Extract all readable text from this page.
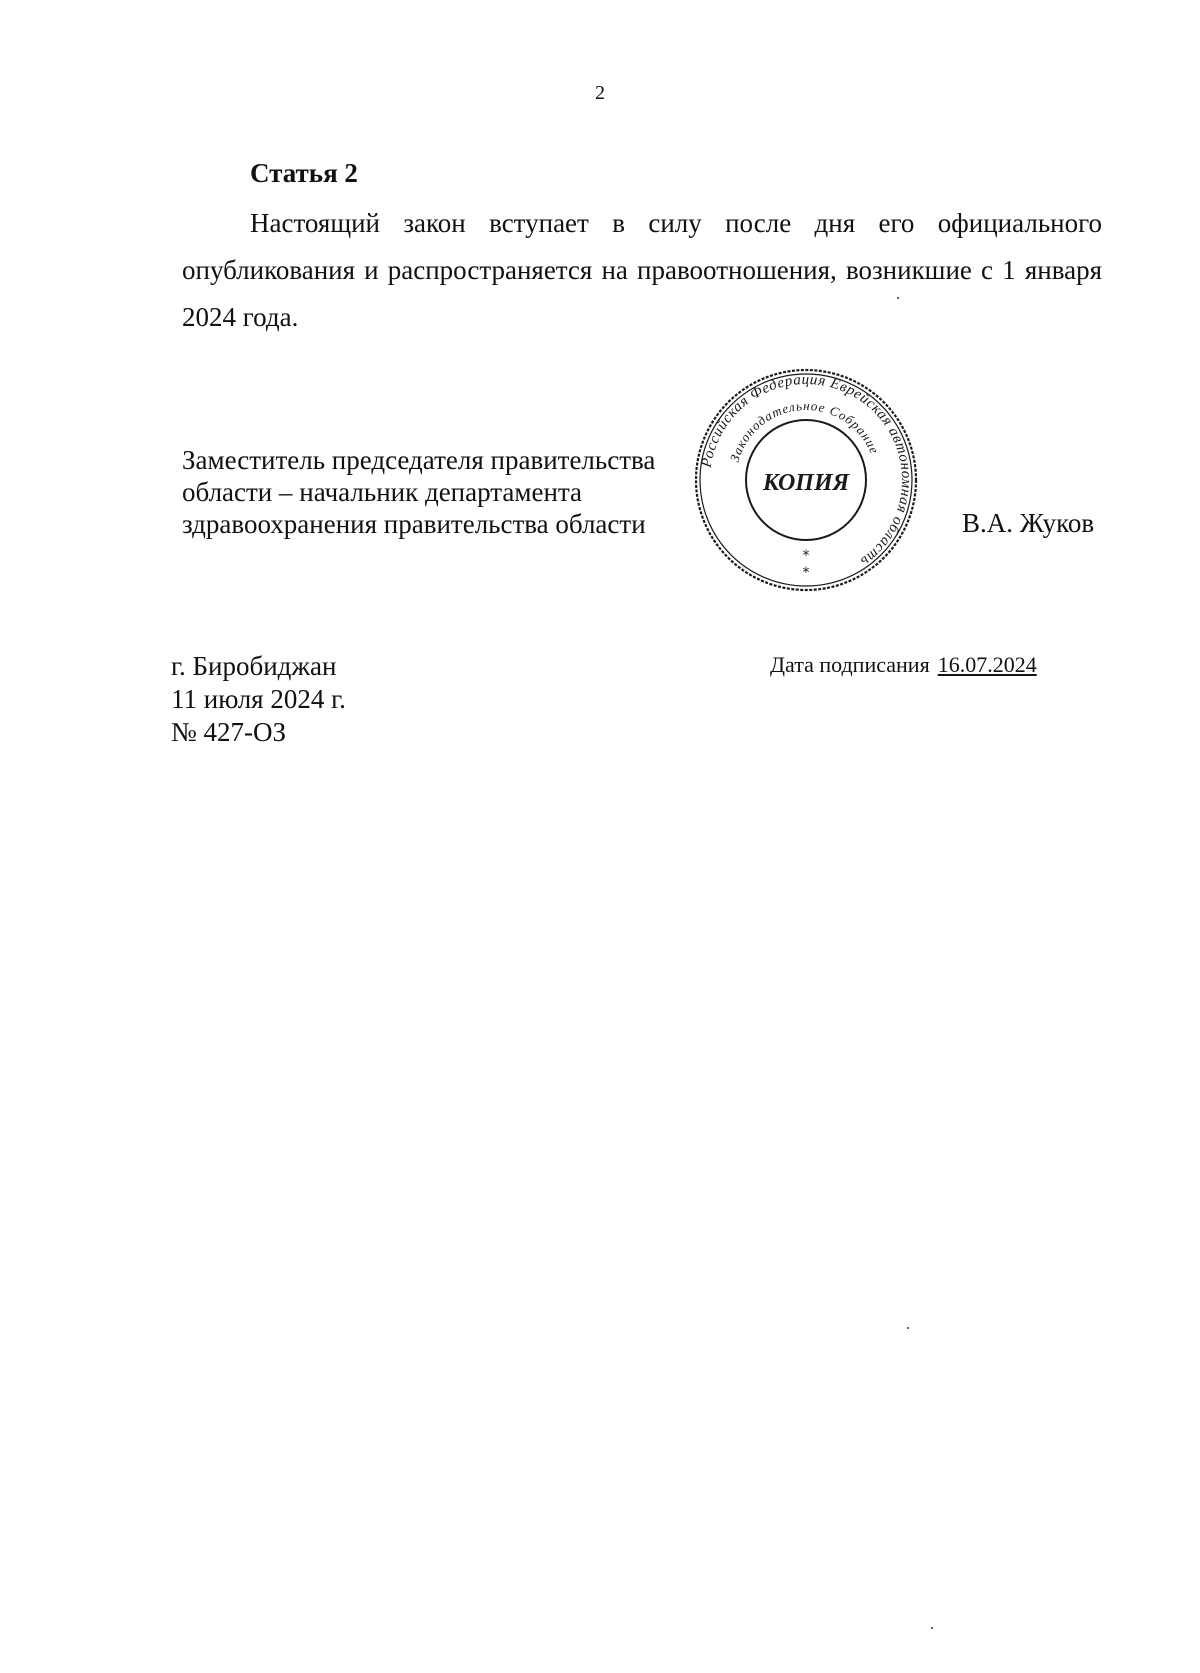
2
Статья 2

Настоящий закон вступает в силу после дня его официального опубликования и распространяется на правоотношения, возникшие с 1 января 2024 года.

Заместитель председателя правительства
области – начальник департамента
здравоохранения правительства области
Российская Федерация Еврейская автономная область
Законодательное Собрание
КОПИЯ
*
*
В.А. Жуков
г. Биробиджан
11 июля 2024 г.
№ 427-ОЗ
Дата подписания 16.07.2024
